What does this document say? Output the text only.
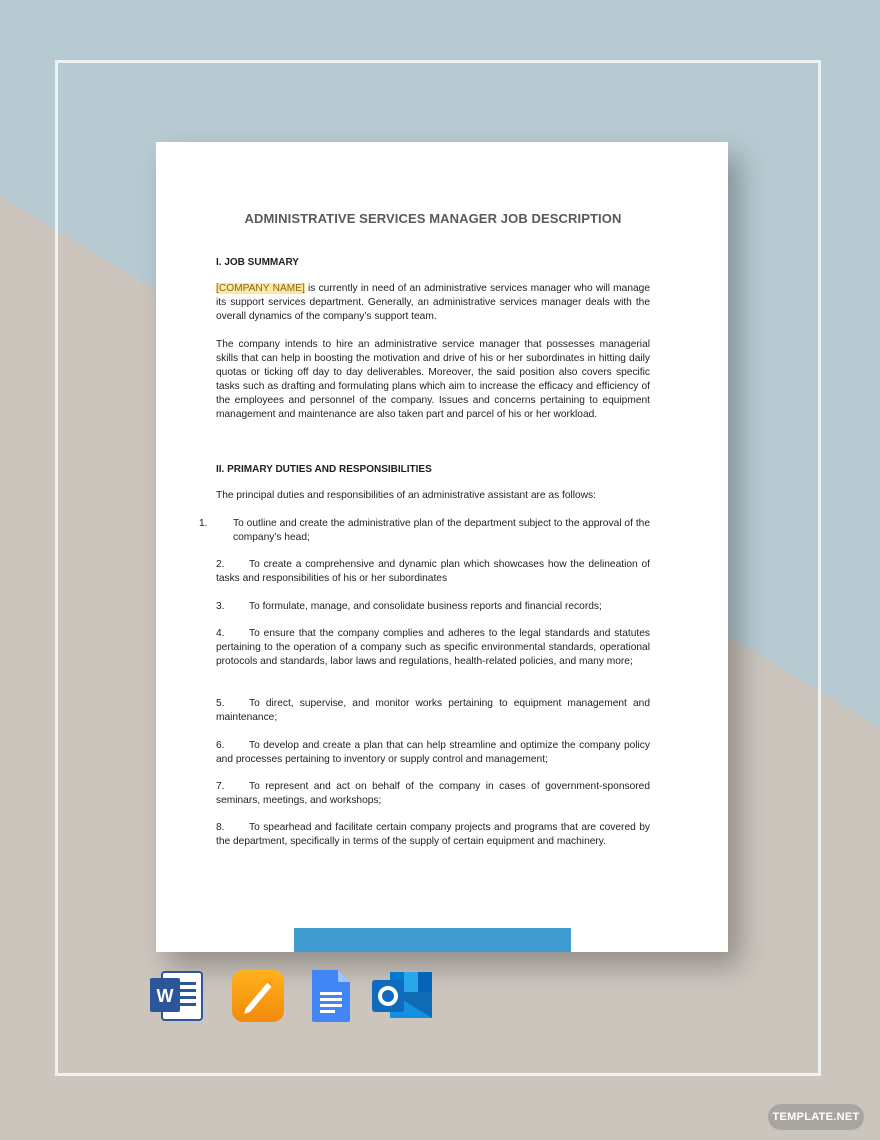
ADMINISTRATIVE SERVICES MANAGER JOB DESCRIPTION
I. JOB SUMMARY
[COMPANY NAME] is currently in need of an administrative services manager who will manage its support services department. Generally, an administrative services manager deals with the overall dynamics of the company’s support team.
The company intends to hire an administrative service manager that possesses managerial skills that can help in boosting the motivation and drive of his or her subordinates in hitting daily quotas or ticking off day to day deliverables. Moreover, the said position also covers specific tasks such as drafting and formulating plans which aim to increase the efficacy and efficiency of the employees and personnel of the company. Issues and concerns pertaining to equipment management and maintenance are also taken part and parcel of his or her workload.
II. PRIMARY DUTIES AND RESPONSIBILITIES
The principal duties and responsibilities of an administrative assistant are as follows:
1.	To outline and create the administrative plan of the department subject to the approval of the company’s head;
2. To create a comprehensive and dynamic plan which showcases how the delineation of tasks and responsibilities of his or her subordinates
3. To formulate, manage, and consolidate business reports and financial records;
4. To ensure that the company complies and adheres to the legal standards and statutes pertaining to the operation of a company such as specific environmental standards, operational protocols and standards, labor laws and regulations, health-related policies, and many more;
5. To direct, supervise, and monitor works pertaining to equipment management and maintenance;
6. To develop and create a plan that can help streamline and optimize the company policy and processes pertaining to inventory or supply control and management;
7. To represent and act on behalf of the company in cases of government-sponsored seminars, meetings, and workshops;
8. To spearhead and facilitate certain company projects and programs that are covered by the department, specifically in terms of the supply of certain equipment and machinery.
W
TEMPLATE.NET
